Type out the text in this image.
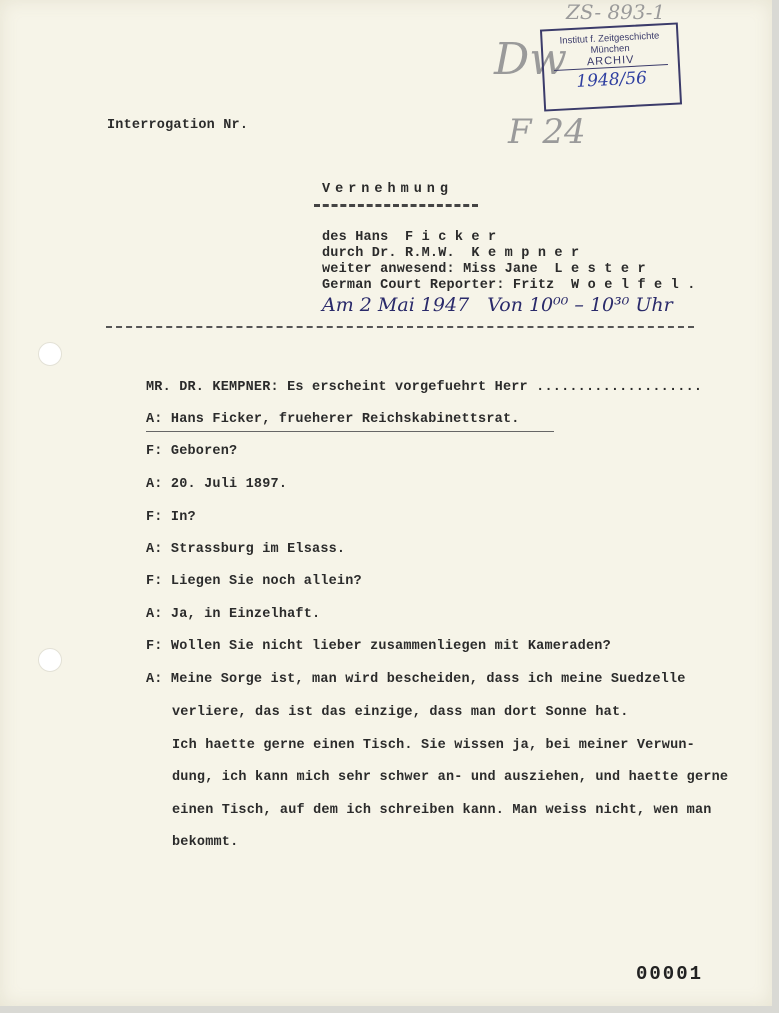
ZS- 893-1
Dw
Institut f. Zeitgeschichte
München
ARCHIV
1948/56
F 24
Interrogation Nr.
Vernehmung
des Hans  F i c k e r
durch Dr. R.M.W.  K e m p n e r
weiter anwesend: Miss Jane  L e s t e r
German Court Reporter: Fritz  W o e l f e l .
Am 2 Mai 1947   Von 10⁰⁰ – 10³⁰ Uhr
MR. DR. KEMPNER: Es erscheint vorgefuehrt Herr ....................
A: Hans Ficker, frueherer Reichskabinettsrat.
F: Geboren?
A: 20. Juli 1897.
F: In?
A: Strassburg im Elsass.
F: Liegen Sie noch allein?
A: Ja, in Einzelhaft.
F: Wollen Sie nicht lieber zusammenliegen mit Kameraden?
A: Meine Sorge ist, man wird bescheiden, dass ich meine Suedzelle
verliere, das ist das einzige, dass man dort Sonne hat.
Ich haette gerne einen Tisch. Sie wissen ja, bei meiner Verwun-
dung, ich kann mich sehr schwer an- und ausziehen, und haette gerne
einen Tisch, auf dem ich schreiben kann. Man weiss nicht, wen man
bekommt.
00001
